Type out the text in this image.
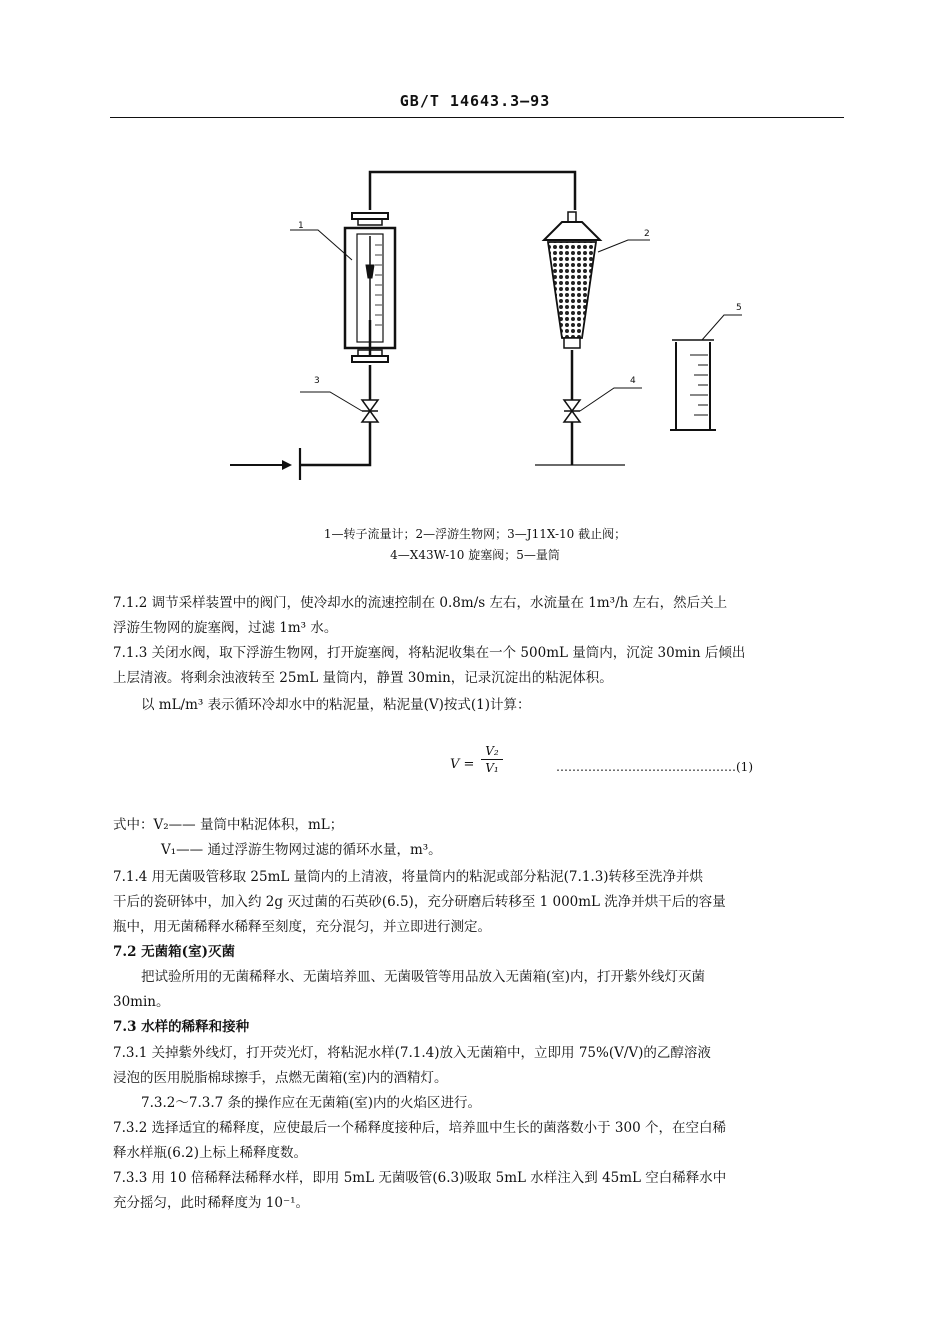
GB/T 14643.3—93
1
2
3	4
5
1—转子流量计；2—浮游生物网；3—J11X-10 截止阀；
4—X43W-10 旋塞阀；5—量筒
7.1.2 调节采样装置中的阀门，使冷却水的流速控制在 0.8m/s 左右，水流量在 1m³/h 左右，然后关上
浮游生物网的旋塞阀，过滤 1m³ 水。
7.1.3 关闭水阀，取下浮游生物网，打开旋塞阀，将粘泥收集在一个 500mL 量筒内，沉淀 30min 后倾出
上层清液。将剩余浊液转至 25mL 量筒内，静置 30min，记录沉淀出的粘泥体积。
以 mL/m³ 表示循环冷却水中的粘泥量，粘泥量(V)按式(1)计算：
V =
V₂
V₁	………………………………………(1)
式中：V₂—— 量筒中粘泥体积，mL；
V₁—— 通过浮游生物网过滤的循环水量，m³。
7.1.4 用无菌吸管移取 25mL 量筒内的上清液，将量筒内的粘泥或部分粘泥(7.1.3)转移至洗净并烘
干后的瓷研钵中，加入约 2g 灭过菌的石英砂(6.5)，充分研磨后转移至 1 000mL 洗净并烘干后的容量
瓶中，用无菌稀释水稀释至刻度，充分混匀，并立即进行测定。
7.2 无菌箱(室)灭菌
把试验所用的无菌稀释水、无菌培养皿、无菌吸管等用品放入无菌箱(室)内，打开紫外线灯灭菌
30min。
7.3 水样的稀释和接种
7.3.1 关掉紫外线灯，打开荧光灯，将粘泥水样(7.1.4)放入无菌箱中，立即用 75%(V/V)的乙醇溶液
浸泡的医用脱脂棉球擦手，点燃无菌箱(室)内的酒精灯。
7.3.2～7.3.7 条的操作应在无菌箱(室)内的火焰区进行。
7.3.2 选择适宜的稀释度，应使最后一个稀释度接种后，培养皿中生长的菌落数小于 300 个，在空白稀
释水样瓶(6.2)上标上稀释度数。
7.3.3 用 10 倍稀释法稀释水样，即用 5mL 无菌吸管(6.3)吸取 5mL 水样注入到 45mL 空白稀释水中
充分摇匀，此时稀释度为 10⁻¹。
